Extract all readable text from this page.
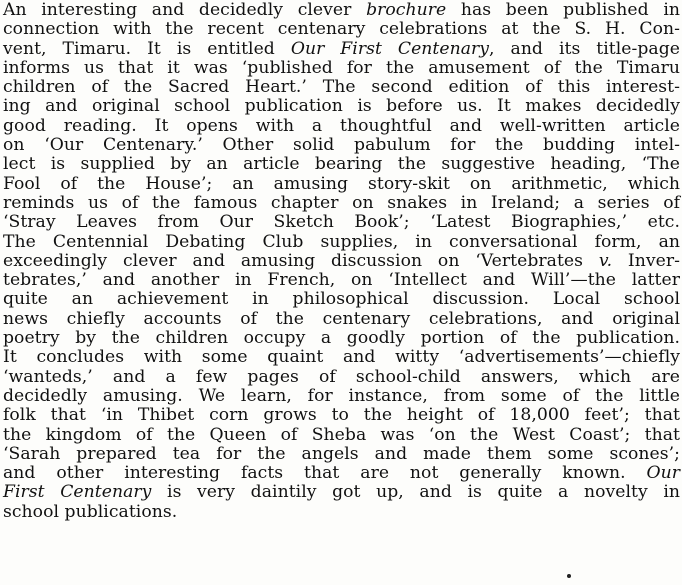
An interesting and decidedly clever brochure has been published in
connection with the recent centenary celebrations at the S. H. Con-
vent, Timaru. It is entitled Our First Centenary, and its title-page
informs us that it was ‘published for the amusement of the Timaru
children of the Sacred Heart.’ The second edition of this interest-
ing and original school publication is before us. It makes decidedly
good reading. It opens with a thoughtful and well-written article
on ‘Our Centenary.’ Other solid pabulum for the budding intel-
lect is supplied by an article bearing the suggestive heading, ‘The
Fool of the House’; an amusing story-skit on arithmetic, which
reminds us of the famous chapter on snakes in Ireland; a series of
‘Stray Leaves from Our Sketch Book’; ‘Latest Biographies,’ etc.
The Centennial Debating Club supplies, in conversational form, an
exceedingly clever and amusing discussion on ‘Vertebrates v. Inver-
tebrates,’ and another in French, on ‘Intellect and Will’—the latter
quite an achievement in philosophical discussion. Local school
news chiefly accounts of the centenary celebrations, and original
poetry by the children occupy a goodly portion of the publication.
It concludes with some quaint and witty ‘advertisements’—chiefly
‘wanteds,’ and a few pages of school-child answers, which are
decidedly amusing. We learn, for instance, from some of the little
folk that ‘in Thibet corn grows to the height of 18,000 feet’; that
the kingdom of the Queen of Sheba was ‘on the West Coast’; that
‘Sarah prepared tea for the angels and made them some scones’;
and other interesting facts that are not generally known. Our
First Centenary is very daintily got up, and is quite a novelty in
school publications.
